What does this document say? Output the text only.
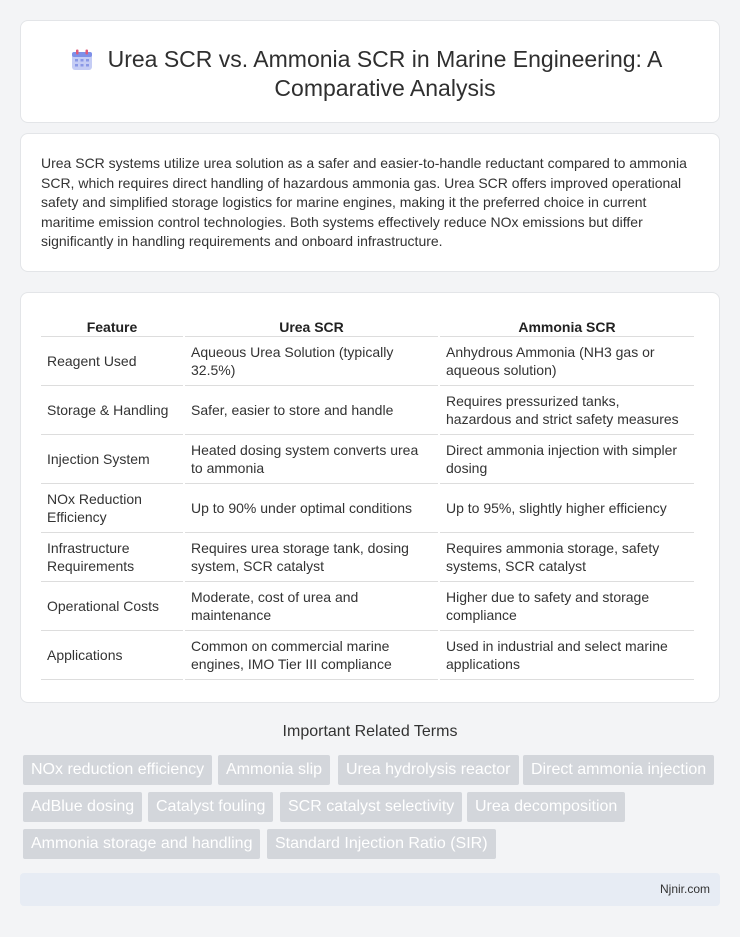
Urea SCR vs. Ammonia SCR in Marine Engineering: A Comparative Analysis

Urea SCR systems utilize urea solution as a safer and easier-to-handle reductant compared to ammonia SCR, which requires direct handling of hazardous ammonia gas. Urea SCR offers improved operational safety and simplified storage logistics for marine engines, making it the preferred choice in current maritime emission control technologies. Both systems effectively reduce NOx emissions but differ significantly in handling requirements and onboard infrastructure.

Feature	Urea SCR	Ammonia SCR
Reagent Used	Aqueous Urea Solution (typically 32.5%)	Anhydrous Ammonia (NH3 gas or aqueous solution)
Storage & Handling	Safer, easier to store and handle	Requires pressurized tanks, hazardous and strict safety measures
Injection System	Heated dosing system converts urea to ammonia	Direct ammonia injection with simpler dosing
NOx Reduction Efficiency	Up to 90% under optimal conditions	Up to 95%, slightly higher efficiency
Infrastructure Requirements	Requires urea storage tank, dosing system, SCR catalyst	Requires ammonia storage, safety systems, SCR catalyst
Operational Costs	Moderate, cost of urea and maintenance	Higher due to safety and storage compliance
Applications	Common on commercial marine engines, IMO Tier III compliance	Used in industrial and select marine applications
Important Related Terms
NOx reduction efficiency	Ammonia slip	Urea hydrolysis reactor	Direct ammonia injection
AdBlue dosing	Catalyst fouling	SCR catalyst selectivity	Urea decomposition
Ammonia storage and handling	Standard Injection Ratio (SIR)
Njnir.com
